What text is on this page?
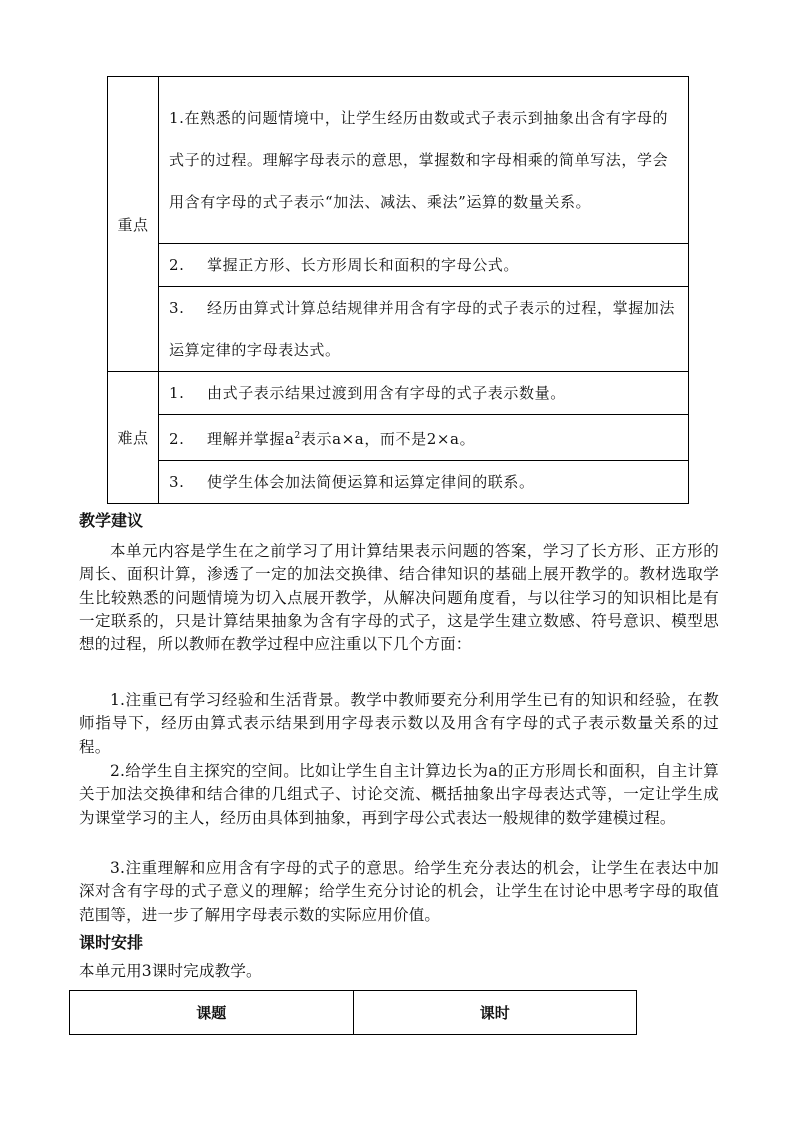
重点	1.在熟悉的问题情境中，让学生经历由数或式子表示到抽象出含有字母的式子的过程。理解字母表示的意思，掌握数和字母相乘的简单写法，学会用含有字母的式子表示“加法、减法、乘法”运算的数量关系。

	2. 掌握正方形、长方形周长和面积的字母公式。

	3. 经历由算式计算总结规律并用含有字母的式子表示的过程，掌握加法运算定律的字母表达式。

难点	1. 由式子表示结果过渡到用含有字母的式子表示数量。

	2. 理解并掌握$a^2$表示a×a，而不是2×a。

	3. 使学生体会加法简便运算和运算定律间的联系。
教学建议

本单元内容是学生在之前学习了用计算结果表示问题的答案，学习了长方形、正方形的周长、面积计算，渗透了一定的加法交换律、结合律知识的基础上展开教学的。教材选取学生比较熟悉的问题情境为切入点展开教学，从解决问题角度看，与以往学习的知识相比是有一定联系的，只是计算结果抽象为含有字母的式子，这是学生建立数感、符号意识、模型思想的过程，所以教师在教学过程中应注重以下几个方面：

1.注重已有学习经验和生活背景。教学中教师要充分利用学生已有的知识和经验，在教师指导下，经历由算式表示结果到用字母表示数以及用含有字母的式子表示数量关系的过程。

2.给学生自主探究的空间。比如让学生自主计算边长为a的正方形周长和面积，自主计算关于加法交换律和结合律的几组式子、讨论交流、概括抽象出字母表达式等，一定让学生成为课堂学习的主人，经历由具体到抽象，再到字母公式表达一般规律的数学建模过程。

3.注重理解和应用含有字母的式子的意思。给学生充分表达的机会，让学生在表达中加深对含有字母的式子意义的理解；给学生充分讨论的机会，让学生在讨论中思考字母的取值范围等，进一步了解用字母表示数的实际应用价值。

课时安排

本单元用3课时完成教学。

课题	课时
